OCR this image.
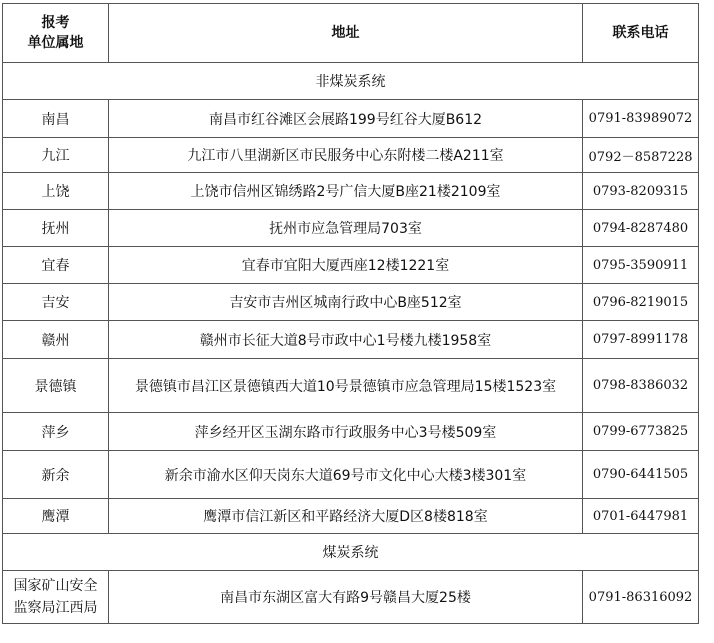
报考
单位属地	地址	联系电话
非煤炭系统		
南昌	南昌市红谷滩区会展路199号红谷大厦B612	0791-83989072
九江	九江市八里湖新区市民服务中心东附楼二楼A211室	0792－8587228
上饶	上饶市信州区锦绣路2号广信大厦B座21楼2109室	0793-8209315
抚州	抚州市应急管理局703室	0794-8287480
宜春	宜春市宜阳大厦西座12楼1221室	0795-3590911
吉安	吉安市吉州区城南行政中心B座512室	0796-8219015
赣州	赣州市长征大道8号市政中心1号楼九楼1958室	0797-8991178
景德镇	景德镇市昌江区景德镇西大道10号景德镇市应急管理局15楼1523室	0798-8386032
萍乡	萍乡经开区玉湖东路市行政服务中心3号楼509室	0799-6773825
新余	新余市渝水区仰天岗东大道69号市文化中心大楼3楼301室	0790-6441505
鹰潭	鹰潭市信江新区和平路经济大厦D区8楼818室	0701-6447981
煤炭系统		

国家矿山安全
监察局江西局	南昌市东湖区富大有路9号赣昌大厦25楼	0791-86316092
